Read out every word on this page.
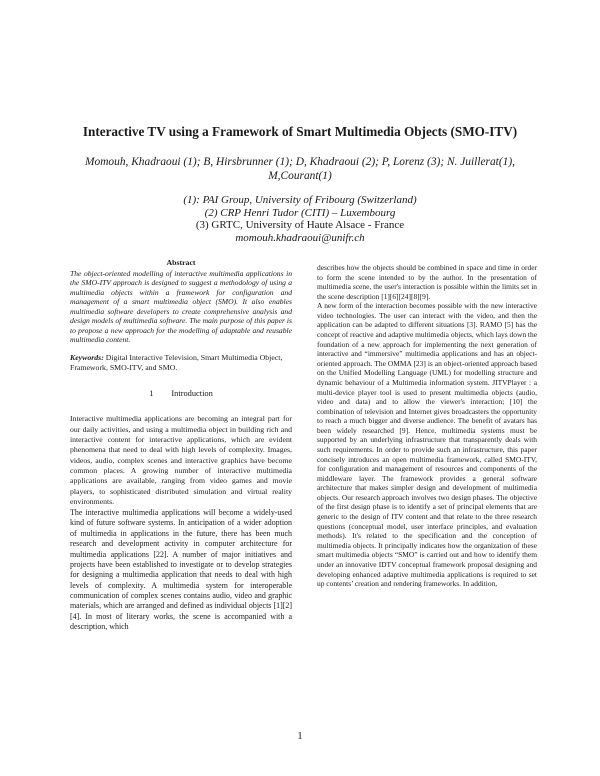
Interactive TV using a Framework of Smart Multimedia Objects (SMO-ITV)
Momouh, Khadraoui (1); B, Hirsbrunner (1); D, Khadraoui (2); P, Lorenz (3); N. Juillerat(1),
M,Courant(1)
(1): PAI Group, University of Fribourg (Switzerland)
(2) CRP Henri Tudor (CITI) – Luxembourg
(3) GRTC, University of Haute Alsace - France
momouh.khadraoui@unifr.ch
Abstract

The object-oriented modelling of interactive multimedia applications in the SMO-ITV approach is designed to suggest a methodology of using a multimedia objects within a framework for configuration and management of a smart multimedia object (SMO). It also enables multimedia software developers to create comprehensive analysis and design models of multimedia software. The main purpose of this paper is to propose a new approach for the modelling of adaptable and reusable multimedia content.

Keywords: Digital Interactive Television, Smart Multimedia Object, Framework, SMO-ITV, and SMO.

1 Introduction

Interactive multimedia applications are becoming an integral part for our daily activities, and using a multimedia object in building rich and interactive content for interactive applications, which are evident phenomena that need to deal with high levels of complexity. Images, videos, audio, complex scenes and interactive graphics have become common places. A growing number of interactive multimedia applications are available, ranging from video games and movie players, to sophisticated distributed simulation and virtual reality environments.

The interactive multimedia applications will become a widely-used kind of future software systems. In anticipation of a wider adoption of multimedia in applications in the future, there has been much research and development activity in computer architecture for multimedia applications [22]. A number of major initiatives and projects have been established to investigate or to develop strategies for designing a multimedia application that needs to deal with high levels of complexity. A multimedia system for interoperable communication of complex scenes contains audio, video and graphic materials, which are arranged and defined as individual objects [1][2][4]. In most of literary works, the scene is accompanied with a description, which

describes how the objects should be combined in space and time in order to form the scene intended to by the author. In the presentation of multimedia scene, the user's interaction is possible within the limits set in the scene description [1][6][24][8][9].

A new form of the interaction becomes possible with the new interactive video technologies. The user can interact with the video, and then the application can be adapted to different situations [3]. RAMO [5] has the concept of reactive and adaptive multimedia objects, which lays down the foundation of a new approach for implementing the next generation of interactive and “immersive” multimedia applications and has an object-oriented approach. The OMMA [23] is an object-oriented approach based on the Unified Modelling Language (UML) for modelling structure and dynamic behaviour of a Multimedia information system. JITVPlayer : a multi-device player tool is used to present multimedia objects (audio, video and data) and to allow the viewer's interaction; [10] the combination of television and Internet gives broadcasters the opportunity to reach a much bigger and diverse audience. The benefit of avatars has been widely researched [9]. Hence, multimedia systems must be supported by an underlying infrastructure that transparently deals with such requirements. In order to provide such an infrastructure, this paper concisely introduces an open multimedia framework, called SMO-ITV, for configuration and management of resources and components of the middleware layer. The framework provides a general software architecture that makes simpler design and development of multimedia objects. Our research approach involves two design phases. The objective of the first design phase is to identify a set of principal elements that are generic to the design of ITV content and that relate to the three research questions (conceptual model, user interface principles, and evaluation methods). It's related to the specification and the conception of multimedia objects. It principally indicates how the organization of these smart multimedia objects “SMO” is carried out and how to identify them under an innovative IDTV conceptual framework proposal designing and developing enhanced adaptive multimedia applications is required to set up contents’ creation and rendering frameworks. In addition,

1
